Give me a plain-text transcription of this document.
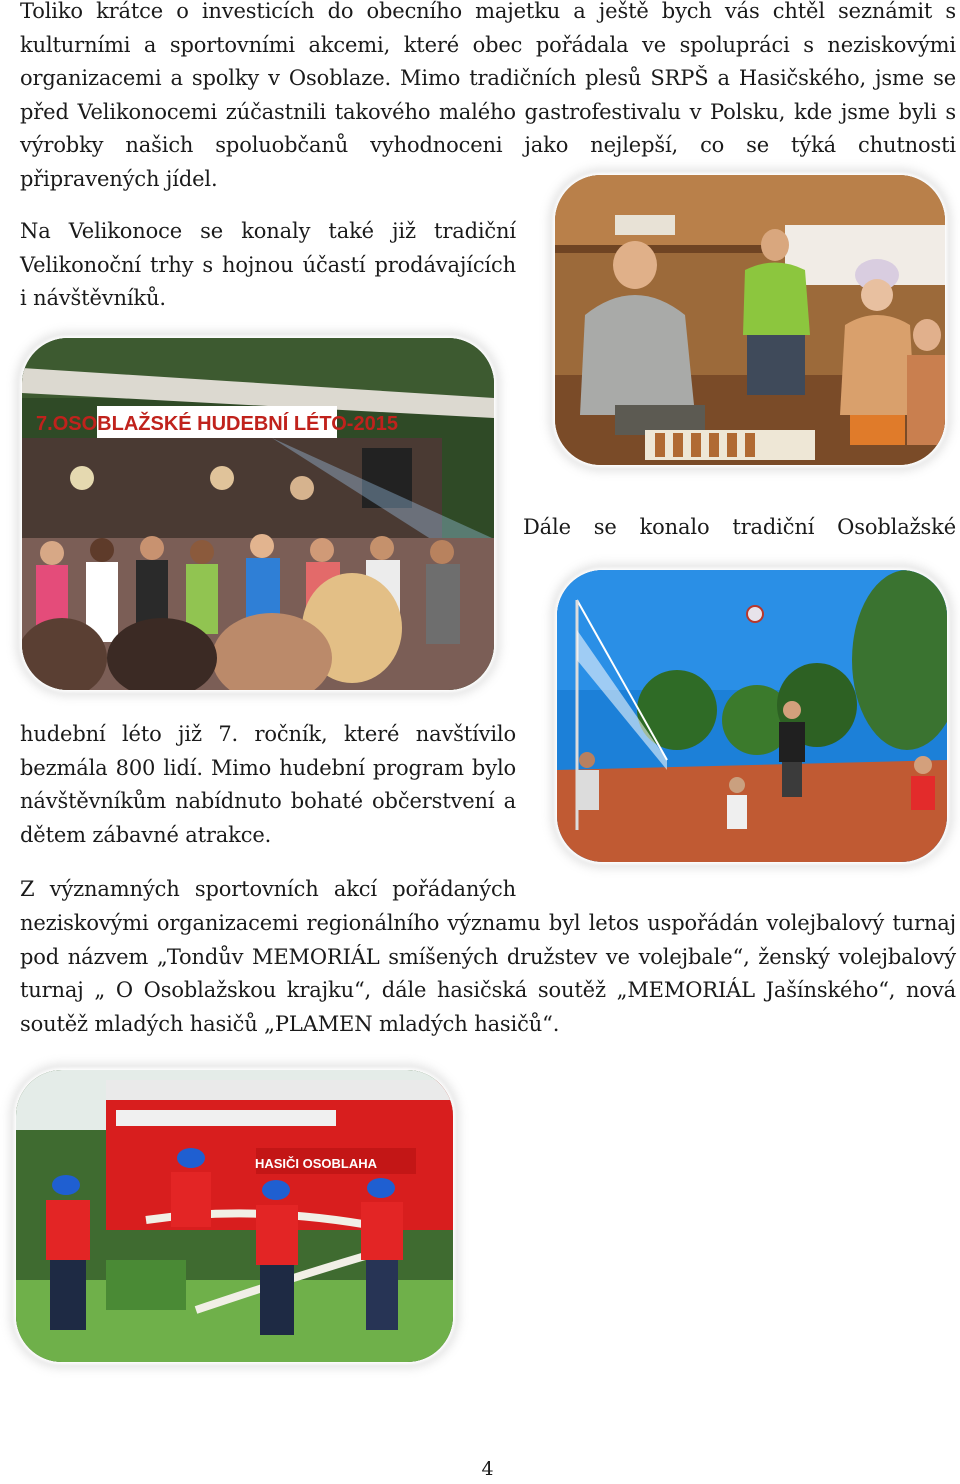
Toliko krátce o investicích do obecního majetku a ještě bych vás chtěl seznámit s kulturními a sportovními akcemi, které obec pořádala ve spolupráci s neziskovými organizacemi a spolky v Osoblaze. Mimo tradičních plesů SRPŠ a Hasičského, jsme se před Velikonocemi zúčastnili takového malého gastrofestivalu v Polsku, kde jsme byli s výrobky našich spoluobčanů vyhodnoceni jako nejlepší, co se týká chutnosti připravených jídel.

Na Velikonoce se konaly také již tradiční Velikonoční trhy s hojnou účastí prodávajících i návštěvníků.

7.OSOBLAŽSKÉ HUDEBNÍ LÉTO-2015

Dále se konalo tradiční Osoblažské

hudební léto již 7. ročník, které navštívilo bezmála 800 lidí. Mimo hudební program bylo návštěvníkům nabídnuto bohaté občerstvení a dětem zábavné atrakce.

Z významných sportovních akcí pořádaných

neziskovými organizacemi regionálního významu byl letos uspořádán volejbalový turnaj pod názvem „Tondův MEMORIÁL smíšených družstev ve volejbale“, ženský volejbalový turnaj „ O Osoblažskou krajku“, dále hasičská soutěž „MEMORIÁL Jašínského“, nová soutěž mladých hasičů „PLAMEN mladých hasičů“.

HASIČI OSOBLAHA
4
